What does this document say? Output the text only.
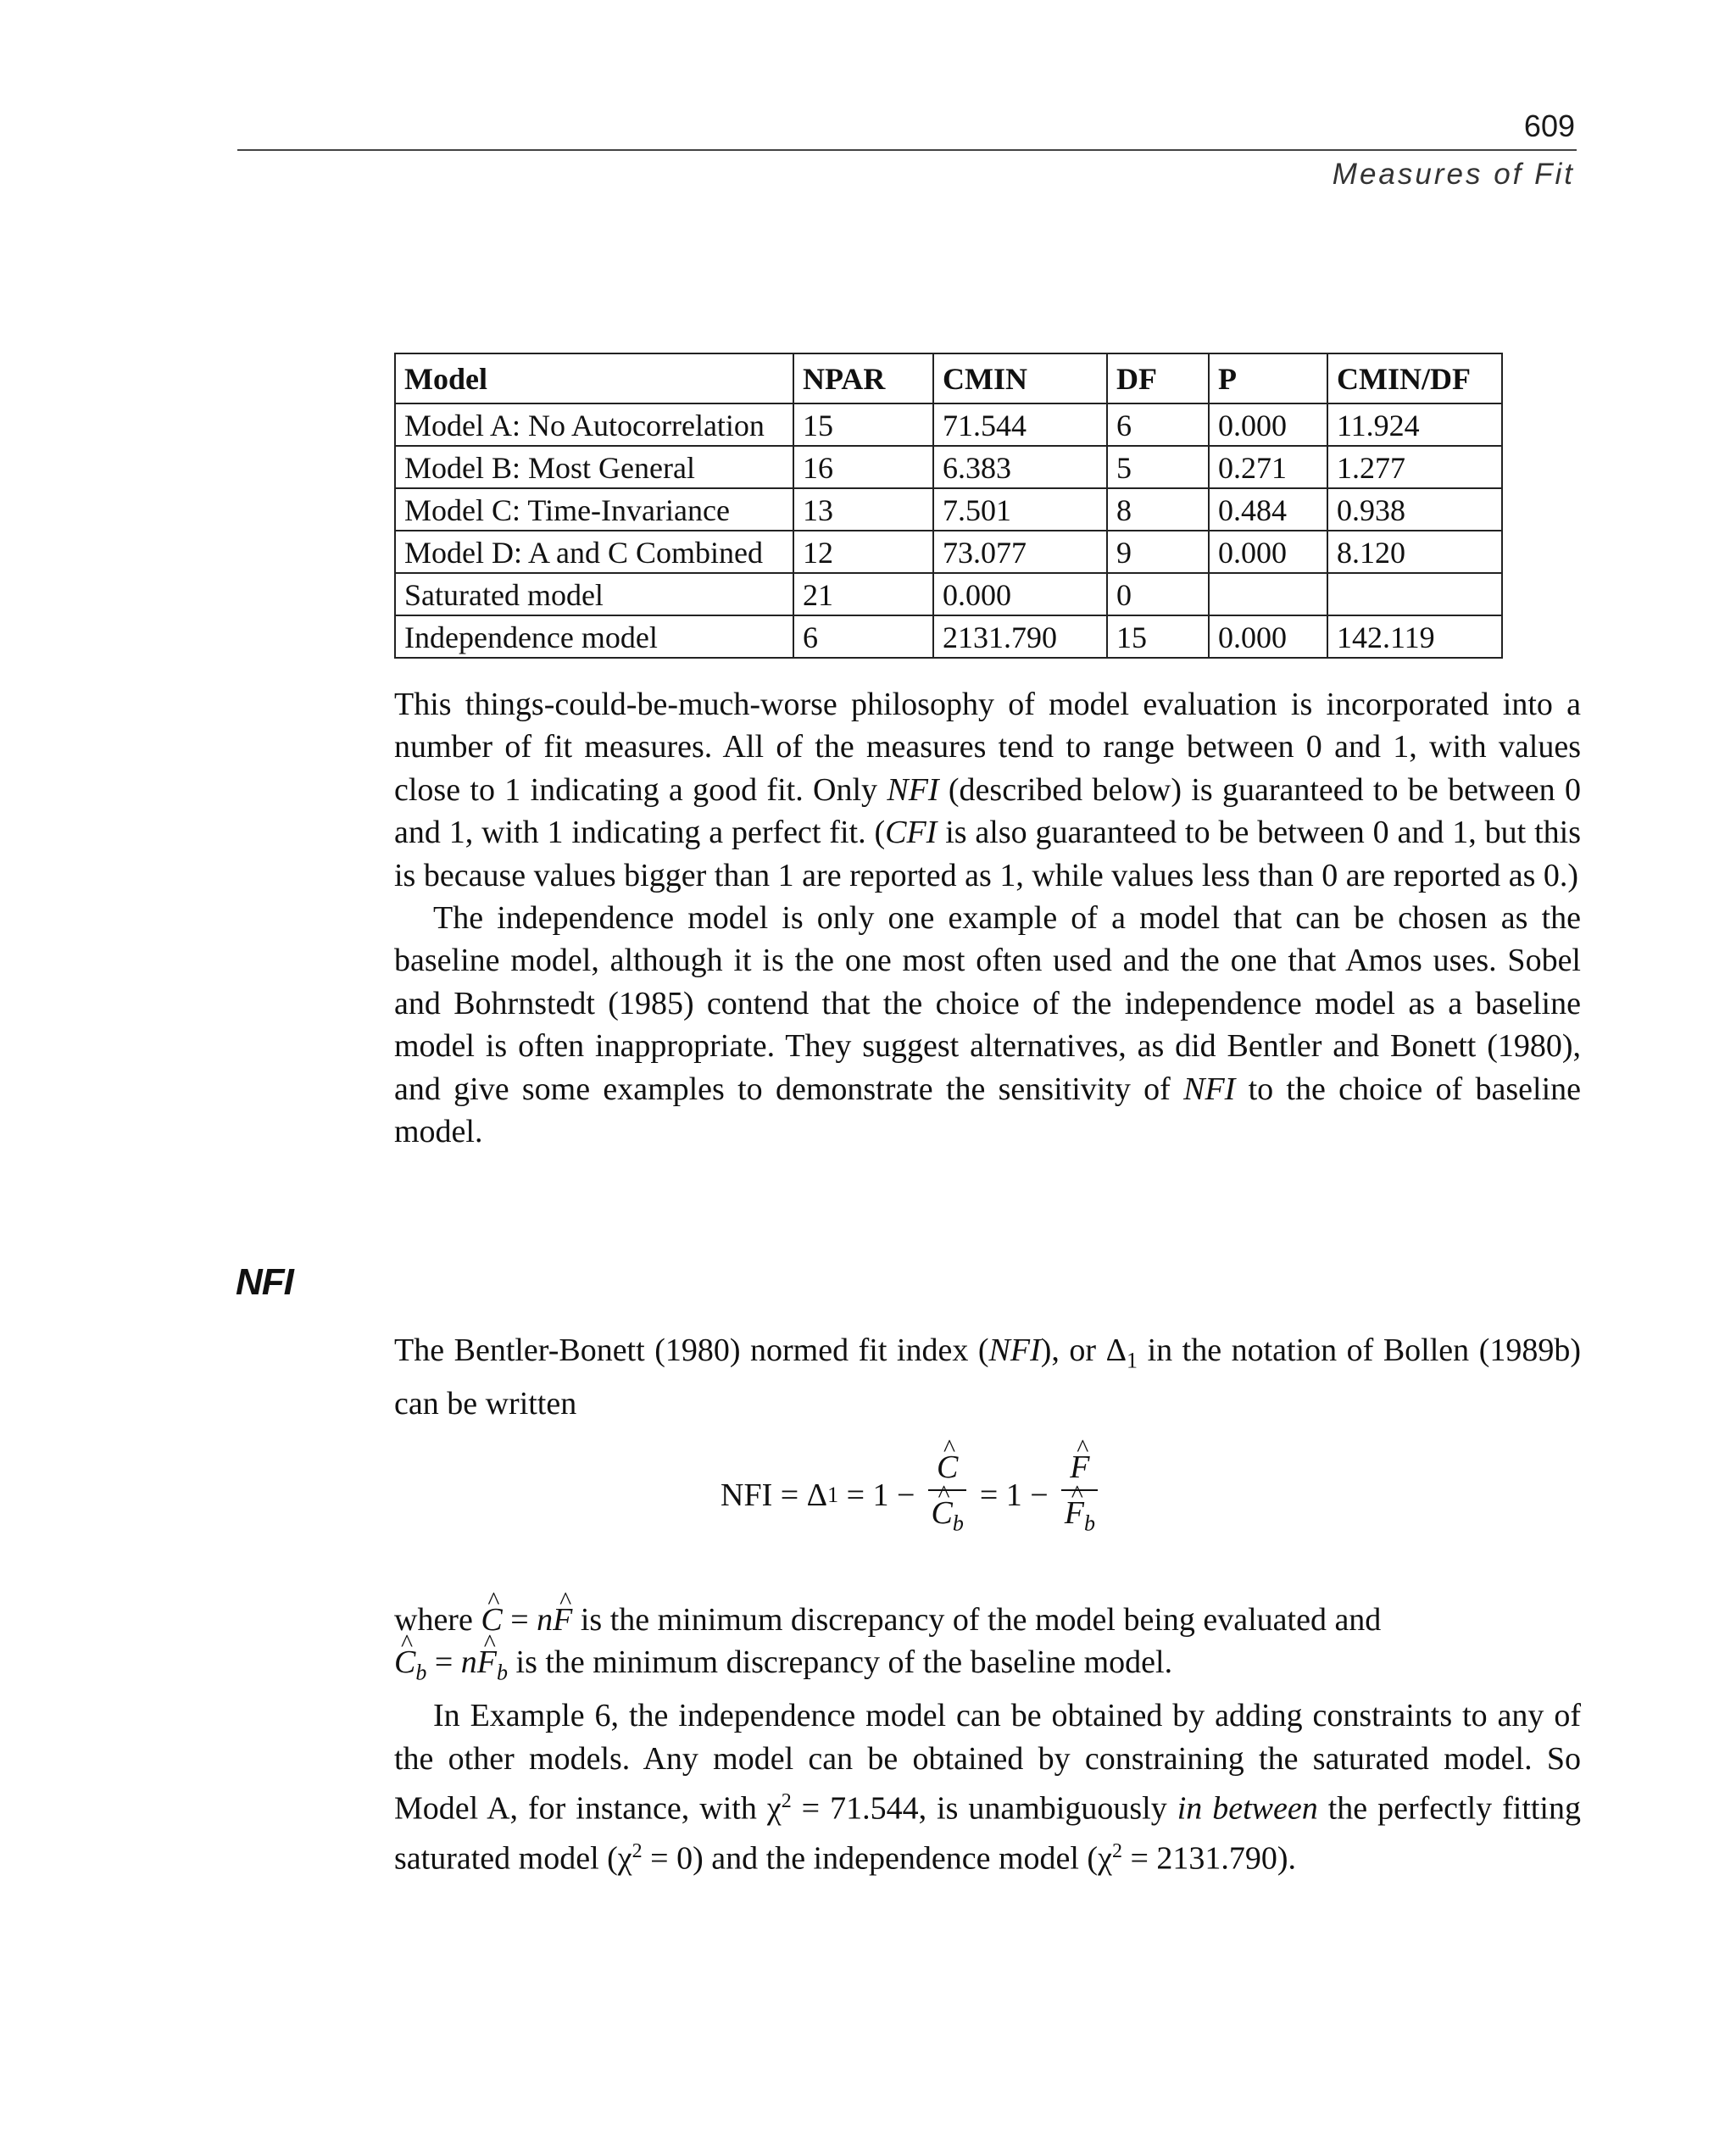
609
Measures of Fit
Model	NPAR	CMIN	DF	P	CMIN/DF
Model A: No Autocorrelation	15	71.544	6	0.000	11.924
Model B: Most General	16	6.383	5	0.271	1.277
Model C: Time-Invariance	13	7.501	8	0.484	0.938
Model D: A and C Combined	12	73.077	9	0.000	8.120
Saturated model	21	0.000	0		
Independence model	6	2131.790	15	0.000	142.119

This things-could-be-much-worse philosophy of model evaluation is incorporated into a number of fit measures. All of the measures tend to range between 0 and 1, with values close to 1 indicating a good fit. Only NFI (described below) is guaranteed to be between 0 and 1, with 1 indicating a perfect fit. (CFI is also guaranteed to be between 0 and 1, but this is because values bigger than 1 are reported as 1, while values less than 0 are reported as 0.)

The independence model is only one example of a model that can be chosen as the baseline model, although it is the one most often used and the one that Amos uses. Sobel and Bohrnstedt (1985) contend that the choice of the independence model as a baseline model is often inappropriate. They suggest alternatives, as did Bentler and Bonett (1980), and give some examples to demonstrate the sensitivity of NFI to the choice of baseline model.

NFI

The Bentler-Bonett (1980) normed fit index (NFI), or $\Delta_1$ in the notation of Bollen (1989b) can be written

NFI = Δ 1 = 1 − ^ C
^ $C_b = 1$ − ^ F
^ $F_b$

where ^ C = n^ F is the minimum discrepancy of the model being evaluated and
^ $C_b$ = n^ $F_b$ is the minimum discrepancy of the baseline model.

In Example 6, the independence model can be obtained by adding constraints to any of the other models. Any model can be obtained by constraining the saturated model. So Model A, for instance, with $\chi^2 = 71.544$, is unambiguously in between the perfectly fitting saturated model $(\chi^2 = 0)$ and the independence model $(\chi^2 = 2131.790)$.
